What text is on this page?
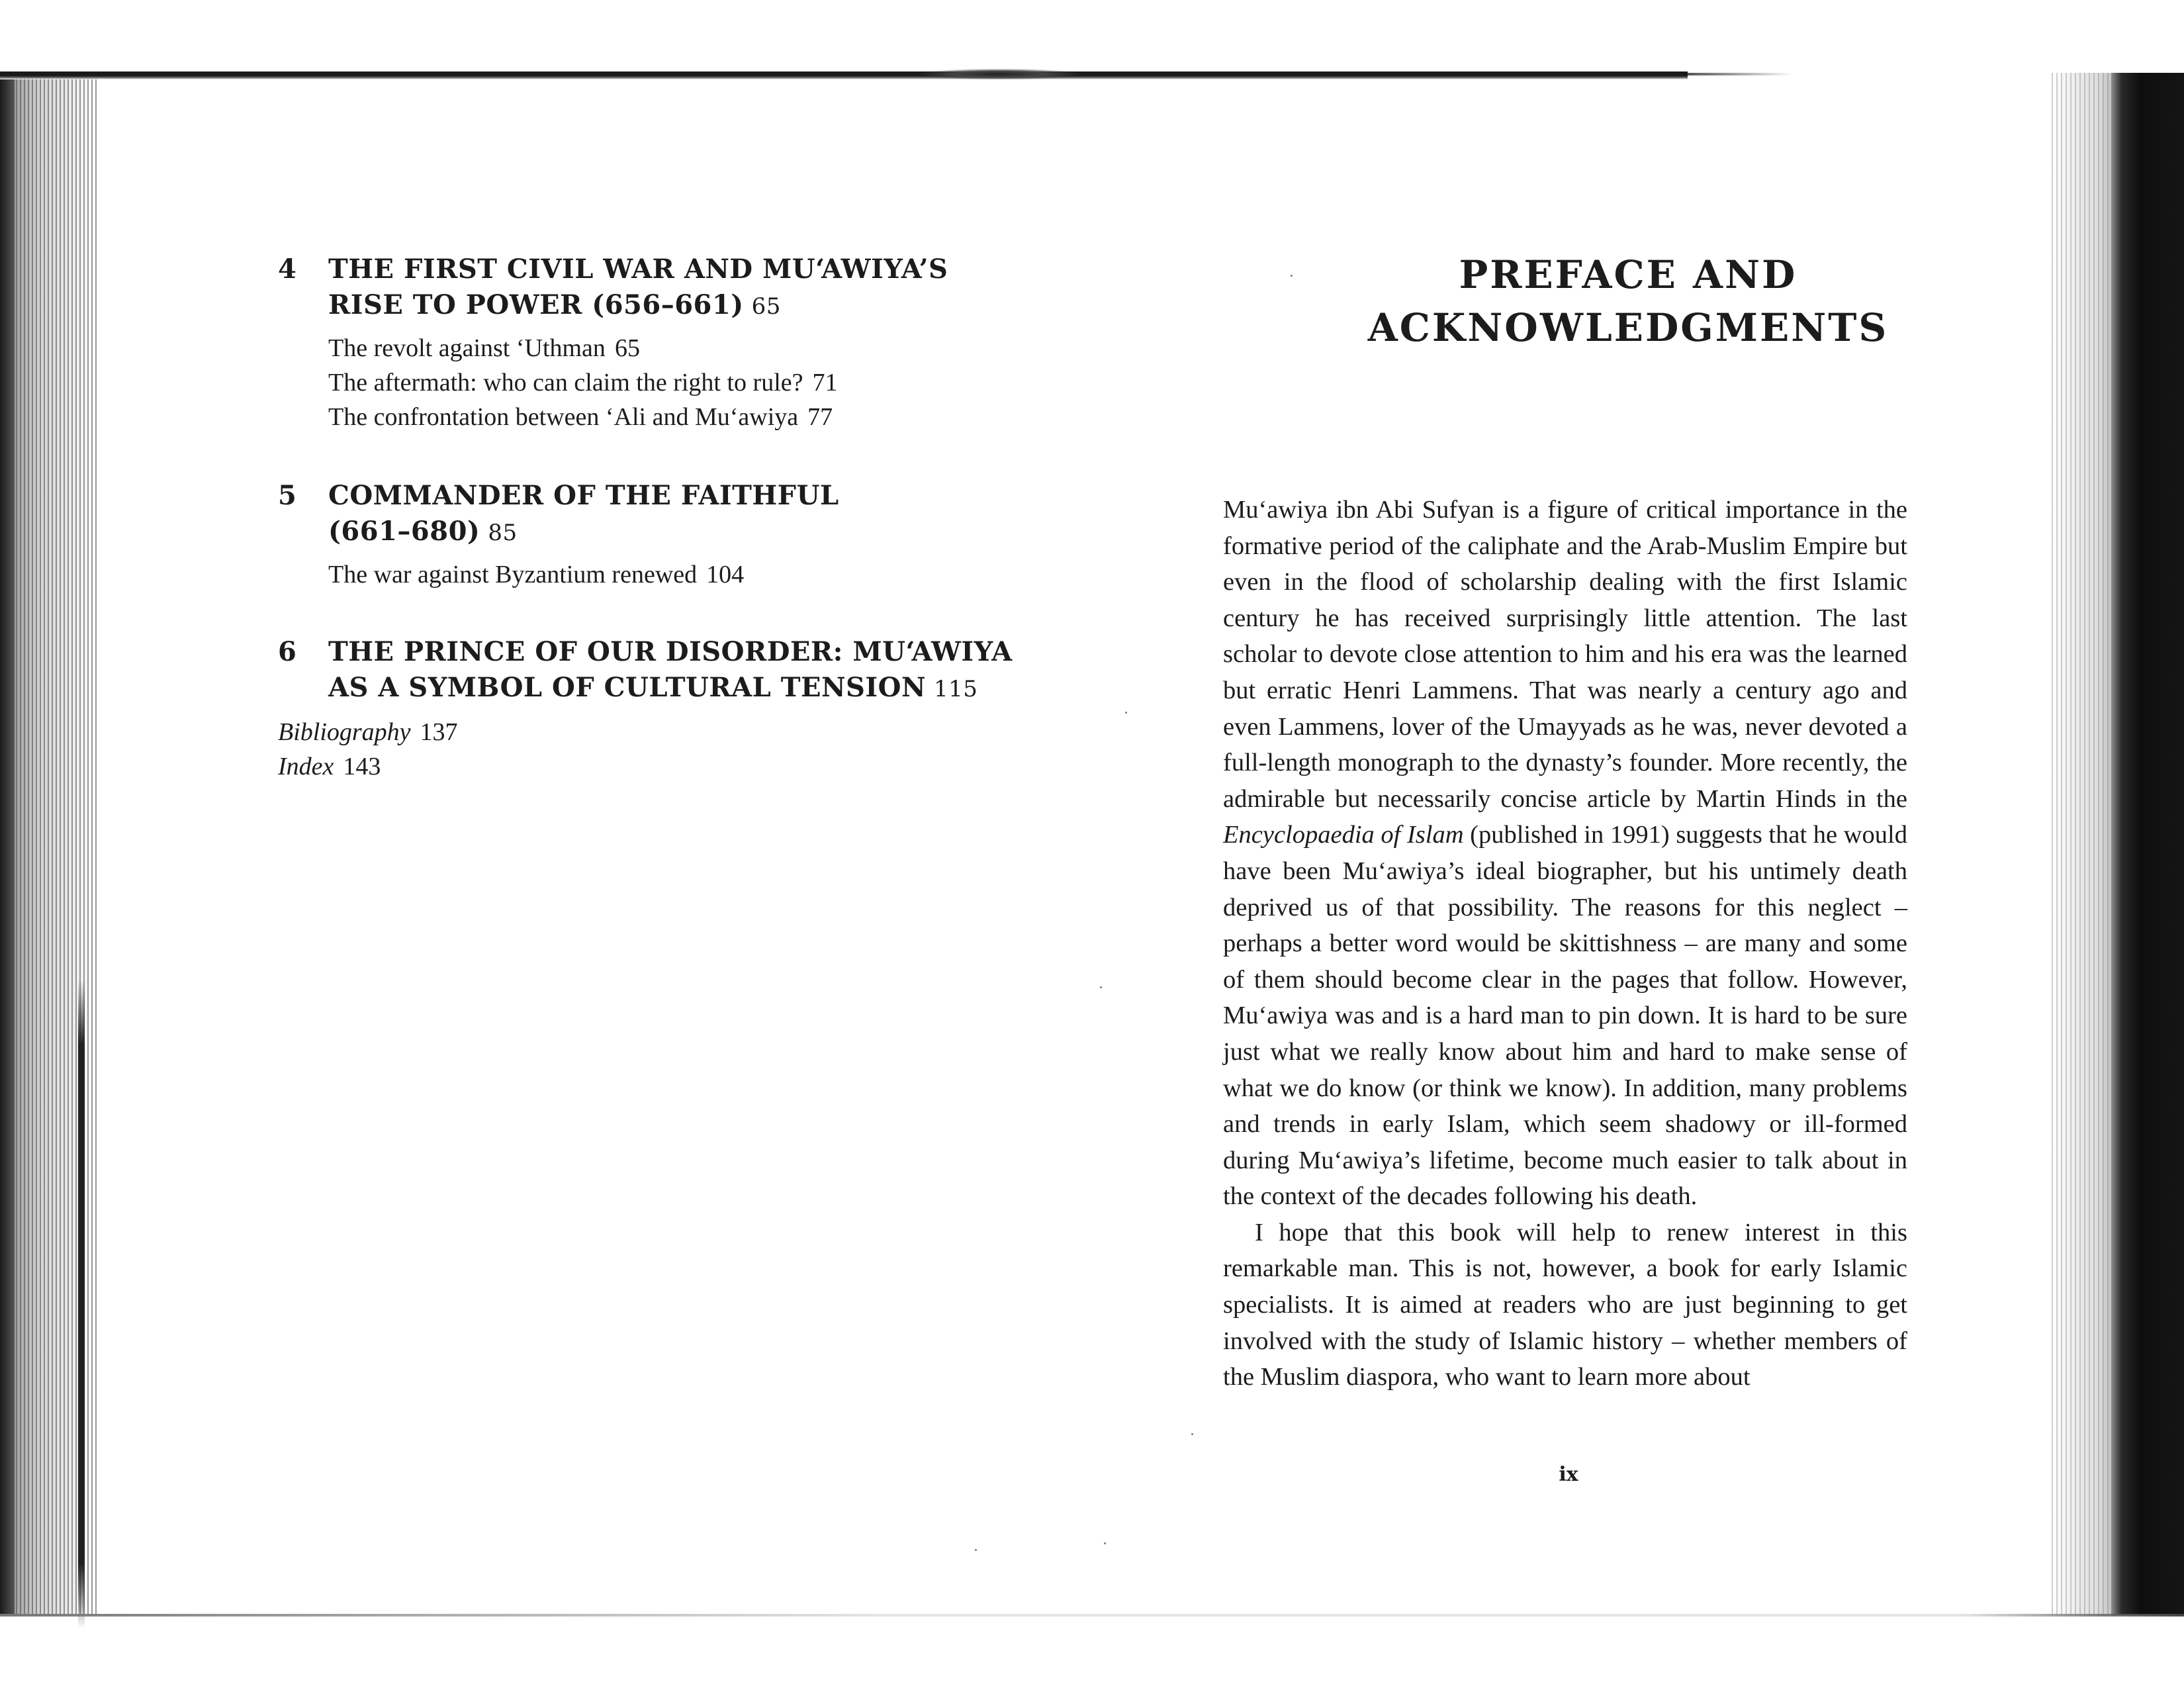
4 THE FIRST CIVIL WAR AND MU‘AWIYA’S
RISE TO POWER (656–661) 65
The revolt against ‘Uthman 65
The aftermath: who can claim the right to rule? 71
The confrontation between ‘Ali and Mu‘awiya 77
5 COMMANDER OF THE FAITHFUL
(661–680) 85
The war against Byzantium renewed 104
6 THE PRINCE OF OUR DISORDER: MU‘AWIYA
AS A SYMBOL OF CULTURAL TENSION 115
Bibliography 137
Index 143
PREFACE AND
ACKNOWLEDGMENTS

Mu‘awiya ibn Abi Sufyan is a figure of critical importance in the formative period of the caliphate and the Arab-Muslim Empire but even in the flood of scholarship dealing with the first Islamic century he has received surprisingly little attention. The last scholar to devote close attention to him and his era was the learned but erratic Henri Lammens. That was nearly a century ago and even Lammens, lover of the Umayyads as he was, never devoted a full-length monograph to the dynasty’s founder. More recently, the admirable but necessarily concise article by Martin Hinds in the Encyclopaedia of Islam (published in 1991) suggests that he would have been Mu‘awiya’s ideal biographer, but his untimely death deprived us of that possibility. The reasons for this neglect – perhaps a better word would be skittishness – are many and some of them should become clear in the pages that follow. However, Mu‘awiya was and is a hard man to pin down. It is hard to be sure just what we really know about him and hard to make sense of what we do know (or think we know). In addition, many problems and trends in early Islam, which seem shadowy or ill-formed during Mu‘awiya’s lifetime, become much easier to talk about in the context of the decades following his death.

I hope that this book will help to renew interest in this remarkable man. This is not, however, a book for early Islamic specialists. It is aimed at readers who are just beginning to get involved with the study of Islamic history – whether members of the Muslim diaspora, who want to learn more about

ix
